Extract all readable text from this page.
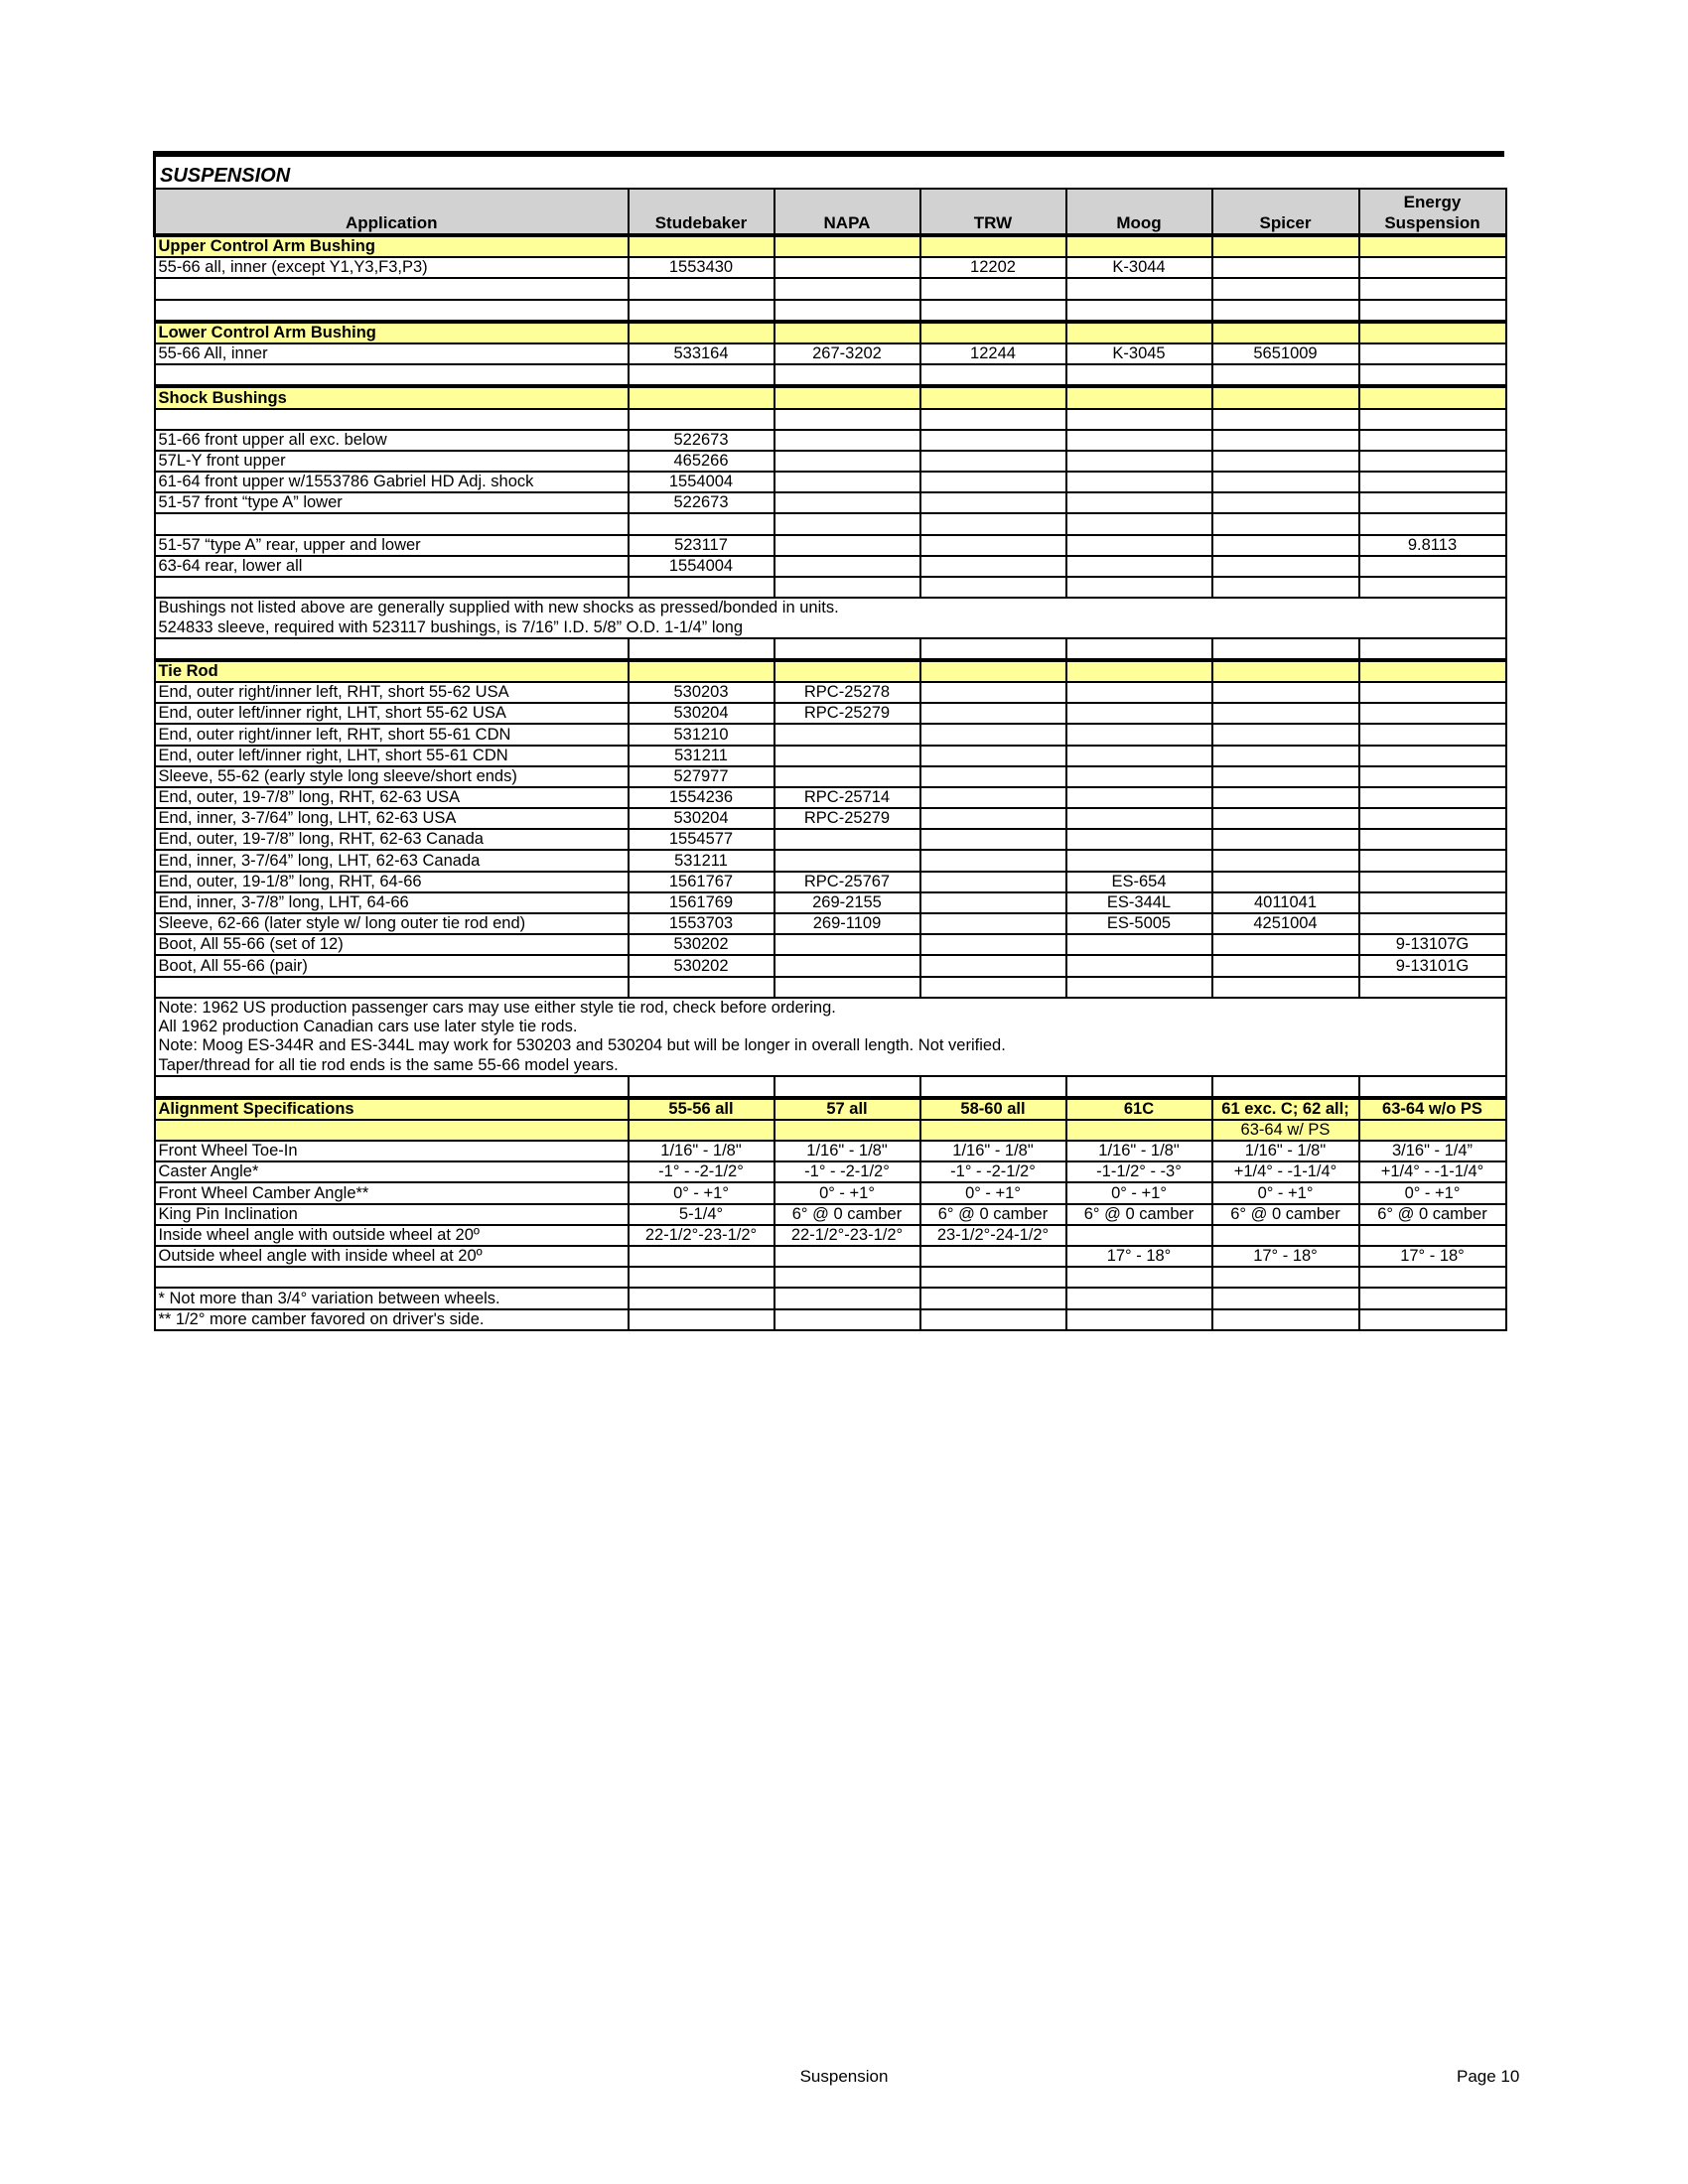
SUSPENSION
Application	Studebaker	NAPA	TRW	Moog	Spicer	Energy Suspension
Upper Control Arm Bushing						
55-66 all, inner (except Y1,Y3,F3,P3)	1553430		12202	K-3044		

Lower Control Arm Bushing						
55-66 All, inner	533164	267-3202	12244	K-3045	5651009	

Shock Bushings						

51-66 front upper all exc. below	522673					
57L-Y front upper	465266					
61-64 front upper w/1553786 Gabriel HD Adj. shock	1554004					
51-57 front “type A” lower	522673					

51-57 “type A” rear, upper and lower	523117					9.8113
63-64 rear, lower all	1554004					

Bushings not listed above are generally supplied with new shocks as pressed/bonded in units.						
524833 sleeve, required with 523117 bushings, is 7/16” I.D. 5/8” O.D. 1-1/4” long						

Tie Rod						
End, outer right/inner left, RHT, short 55-62 USA	530203	RPC-25278				
End, outer left/inner right, LHT, short 55-62 USA	530204	RPC-25279				
End, outer right/inner left, RHT, short 55-61 CDN	531210					
End, outer left/inner right, LHT, short 55-61 CDN	531211					
Sleeve, 55-62 (early style long sleeve/short ends)	527977					
End, outer, 19-7/8” long, RHT, 62-63 USA	1554236	RPC-25714				
End, inner, 3-7/64” long, LHT, 62-63 USA	530204	RPC-25279				
End, outer, 19-7/8” long, RHT, 62-63 Canada	1554577					
End, inner, 3-7/64” long, LHT, 62-63 Canada	531211					
End, outer, 19-1/8” long, RHT, 64-66	1561767	RPC-25767		ES-654		
End, inner, 3-7/8” long, LHT, 64-66	1561769	269-2155		ES-344L	4011041	
Sleeve, 62-66 (later style w/ long outer tie rod end)	1553703	269-1109		ES-5005	4251004	
Boot, All 55-66 (set of 12)	530202					9-13107G
Boot, All 55-66 (pair)	530202					9-13101G

Note: 1962 US production passenger cars may use either style tie rod, check before ordering.						
All 1962 production Canadian cars use later style tie rods.						
Note: Moog ES-344R and ES-344L may work for 530203 and 530204 but will be longer in overall length. Not verified.						
Taper/thread for all tie rod ends is the same 55-66 model years.						

Alignment Specifications	55-56 all	57 all	58-60 all	61C	61 exc. C; 62 all;	63-64 w/o PS
					63-64 w/ PS	
Front Wheel Toe-In	1/16" - 1/8"	1/16" - 1/8"	1/16" - 1/8"	1/16" - 1/8"	1/16" - 1/8"	3/16" - 1/4”
Caster Angle*	-1° - -2-1/2°	-1° - -2-1/2°	-1° - -2-1/2°	-1-1/2° - -3°	+1/4° - -1-1/4°	+1/4° - -1-1/4°
Front Wheel Camber Angle**	0° - +1°	0° - +1°	0° - +1°	0° - +1°	0° - +1°	0° - +1°
King Pin Inclination	5-1/4°	6° @ 0 camber	6° @ 0 camber	6° @ 0 camber	6° @ 0 camber	6° @ 0 camber
Inside wheel angle with outside wheel at 20º	22-1/2°-23-1/2°	22-1/2°-23-1/2°	23-1/2°-24-1/2°			
Outside wheel angle with inside wheel at 20º				17° - 18°	17° - 18°	17° - 18°

* Not more than 3/4° variation between wheels.						
** 1/2° more camber favored on driver's side.						
Suspension	Page 10
